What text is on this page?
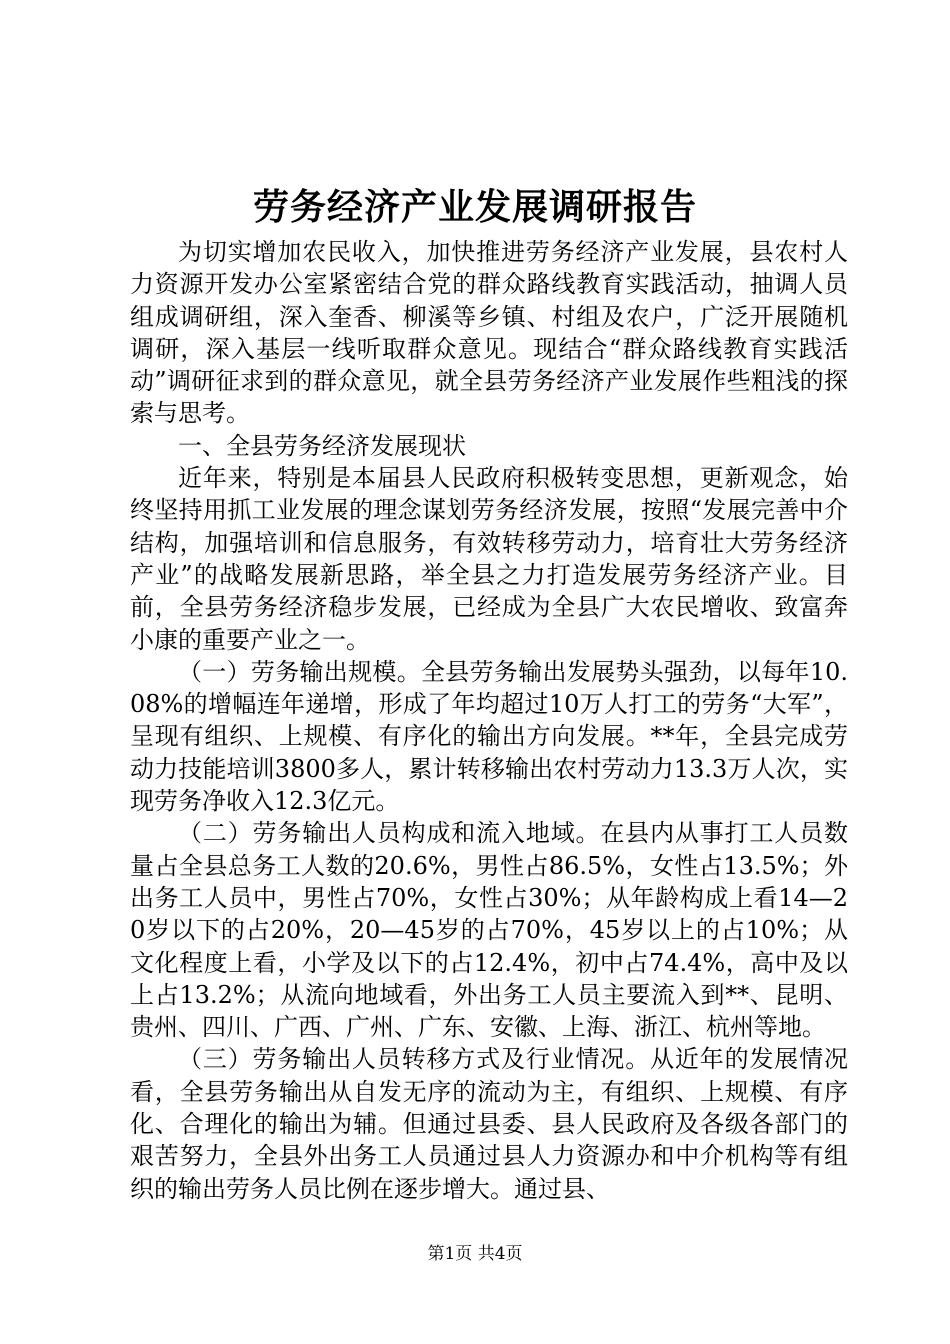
劳务经济产业发展调研报告

为切实增加农民收入，加快推进劳务经济产业发展，县农村人力资源开发办公室紧密结合党的群众路线教育实践活动，抽调人员组成调研组，深入奎香、柳溪等乡镇、村组及农户，广泛开展随机调研，深入基层一线听取群众意见。现结合“群众路线教育实践活动”调研征求到的群众意见，就全县劳务经济产业发展作些粗浅的探索与思考。

一、全县劳务经济发展现状

近年来，特别是本届县人民政府积极转变思想，更新观念，始终坚持用抓工业发展的理念谋划劳务经济发展，按照“发展完善中介结构，加强培训和信息服务，有效转移劳动力，培育壮大劳务经济产业”的战略发展新思路，举全县之力打造发展劳务经济产业。目前，全县劳务经济稳步发展，已经成为全县广大农民增收、致富奔小康的重要产业之一。

（一）劳务输出规模。全县劳务输出发展势头强劲，以每年10.08%的增幅连年递增，形成了年均超过10万人打工的劳务“大军”，呈现有组织、上规模、有序化的输出方向发展。**年，全县完成劳动力技能培训3800多人，累计转移输出农村劳动力13.3万人次，实现劳务净收入12.3亿元。

（二）劳务输出人员构成和流入地域。在县内从事打工人员数量占全县总务工人数的20.6%，男性占86.5%，女性占13.5%；外出务工人员中，男性占70%，女性占30%；从年龄构成上看14—20岁以下的占20%，20—45岁的占70%，45岁以上的占10%；从文化程度上看，小学及以下的占12.4%，初中占74.4%，高中及以上占13.2%；从流向地域看，外出务工人员主要流入到**、昆明、贵州、四川、广西、广州、广东、安徽、上海、浙江、杭州等地。

（三）劳务输出人员转移方式及行业情况。从近年的发展情况看，全县劳务输出从自发无序的流动为主，有组织、上规模、有序化、合理化的输出为辅。但通过县委、县人民政府及各级各部门的艰苦努力，全县外出务工人员通过县人力资源办和中介机构等有组织的输出劳务人员比例在逐步增大。通过县、

第1页 共4页
